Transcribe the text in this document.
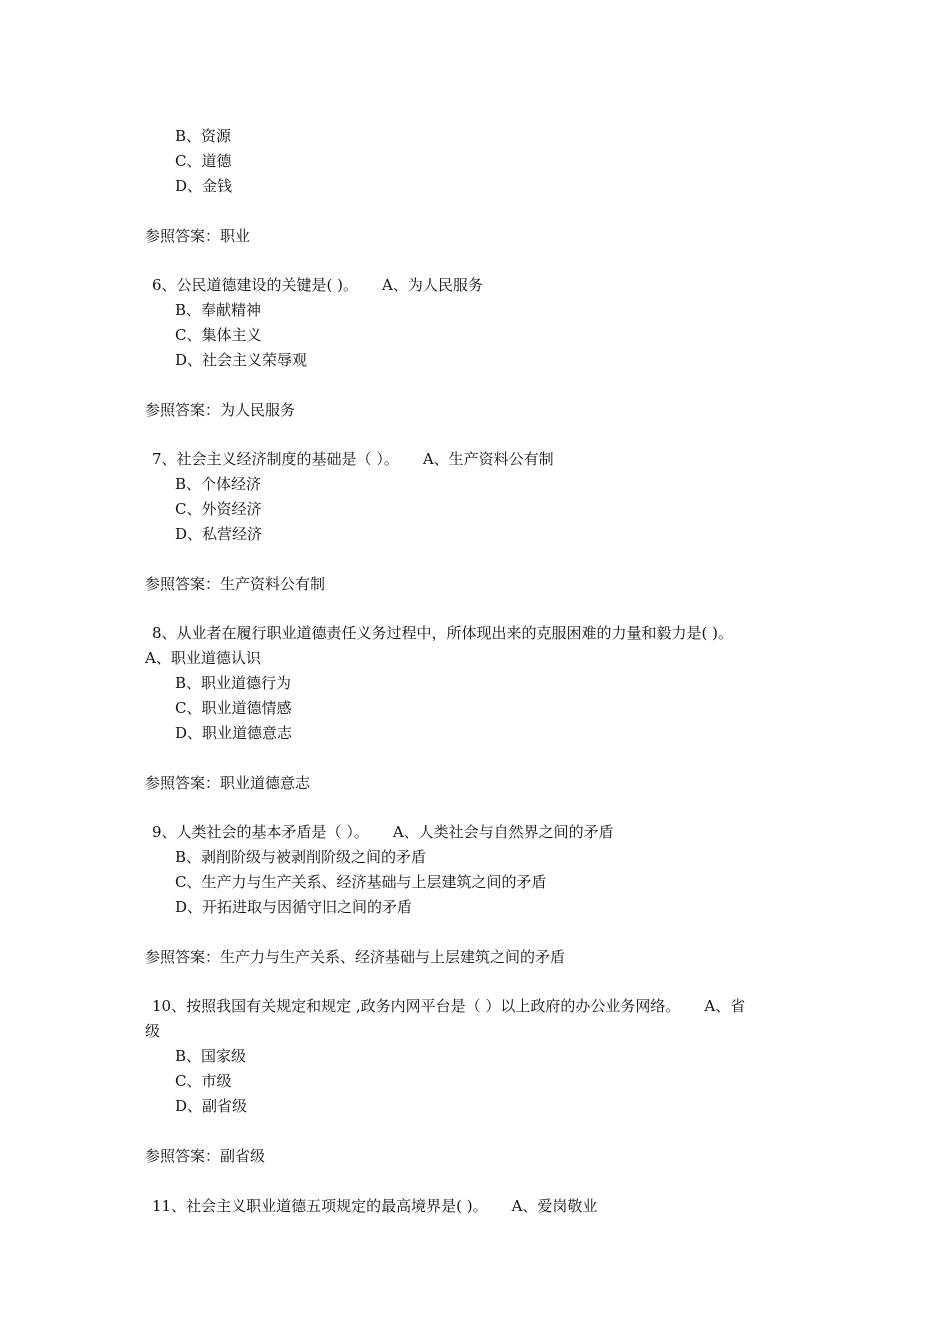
B、资源
C、道德
D、金钱
参照答案：职业
6、公民道德建设的关键是( )。 A、为人民服务
B、奉献精神
C、集体主义
D、社会主义荣辱观
参照答案：为人民服务
7、社会主义经济制度的基础是（ ）。 A、生产资料公有制
B、个体经济
C、外资经济
D、私营经济
参照答案：生产资料公有制
8、从业者在履行职业道德责任义务过程中，所体现出来的克服困难的力量和毅力是( )。
A、职业道德认识
B、职业道德行为
C、职业道德情感
D、职业道德意志
参照答案：职业道德意志
9、人类社会的基本矛盾是（ ）。 A、人类社会与自然界之间的矛盾
B、剥削阶级与被剥削阶级之间的矛盾
C、生产力与生产关系、经济基础与上层建筑之间的矛盾
D、开拓进取与因循守旧之间的矛盾
参照答案：生产力与生产关系、经济基础与上层建筑之间的矛盾
10、按照我国有关规定和规定 ,政务内网平台是（ ）以上政府的办公业务网络。 A、省
级
B、国家级
C、市级
D、副省级
参照答案：副省级
11、社会主义职业道德五项规定的最高境界是( )。 A、爱岗敬业
